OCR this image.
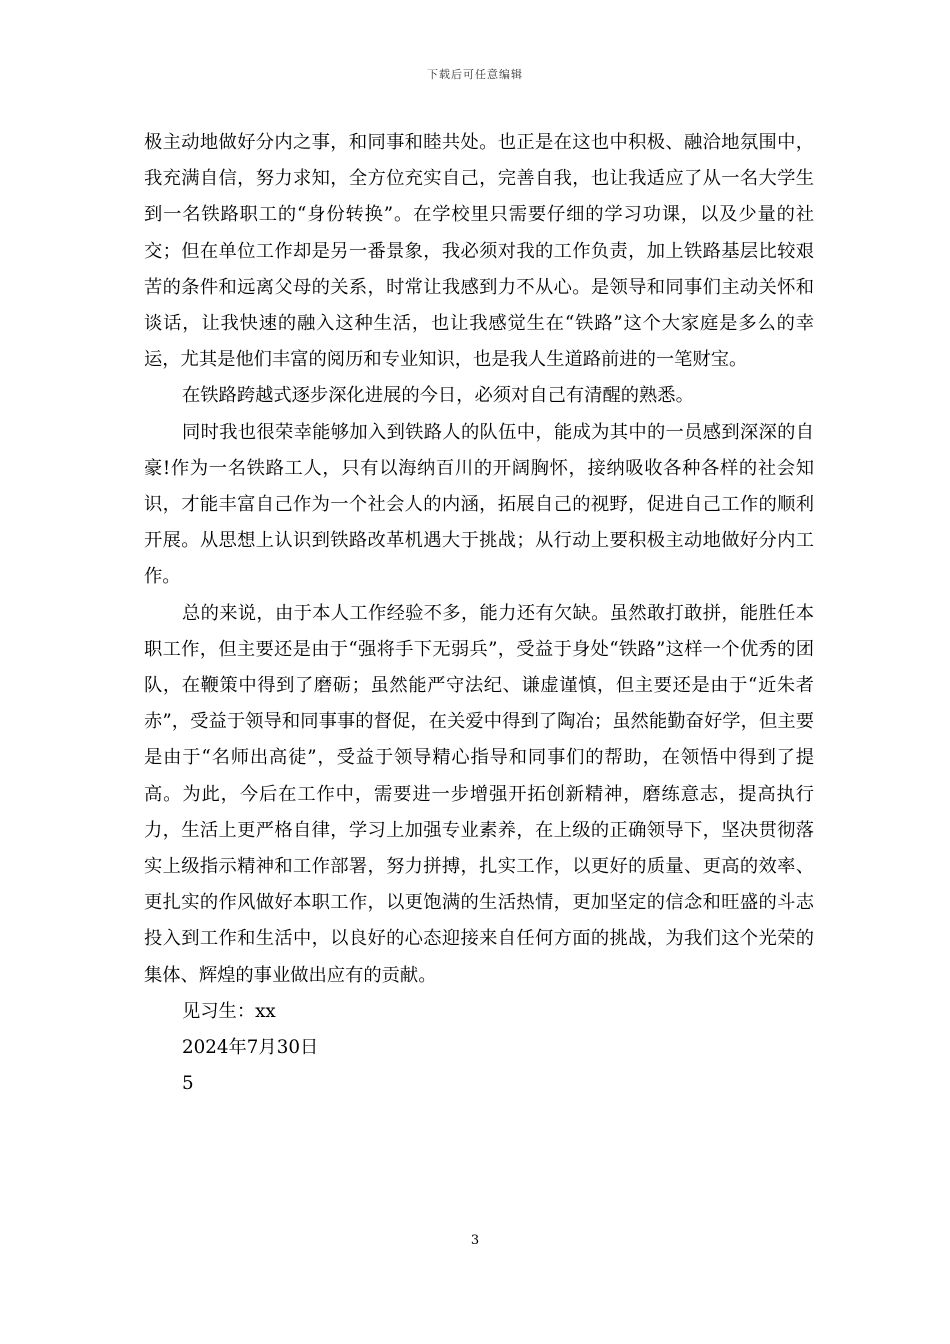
下载后可任意编辑

极主动地做好分内之事，和同事和睦共处。也正是在这也中积极、融洽地氛围中，我充满自信，努力求知，全方位充实自己，完善自我，也让我适应了从一名大学生到一名铁路职工的“身份转换”。在学校里只需要仔细的学习功课，以及少量的社交；但在单位工作却是另一番景象，我必须对我的工作负责，加上铁路基层比较艰苦的条件和远离父母的关系，时常让我感到力不从心。是领导和同事们主动关怀和谈话，让我快速的融入这种生活，也让我感觉生在“铁路”这个大家庭是多么的幸运，尤其是他们丰富的阅历和专业知识，也是我人生道路前进的一笔财宝。

在铁路跨越式逐步深化进展的今日，必须对自己有清醒的熟悉。

同时我也很荣幸能够加入到铁路人的队伍中，能成为其中的一员感到深深的自豪!作为一名铁路工人，只有以海纳百川的开阔胸怀，接纳吸收各种各样的社会知识，才能丰富自己作为一个社会人的内涵，拓展自己的视野，促进自己工作的顺利开展。从思想上认识到铁路改革机遇大于挑战；从行动上要积极主动地做好分内工作。

总的来说，由于本人工作经验不多，能力还有欠缺。虽然敢打敢拼，能胜任本职工作，但主要还是由于“强将手下无弱兵”，受益于身处“铁路”这样一个优秀的团队，在鞭策中得到了磨砺；虽然能严守法纪、谦虚谨慎，但主要还是由于“近朱者赤”，受益于领导和同事事的督促，在关爱中得到了陶冶；虽然能勤奋好学，但主要是由于“名师出高徒”，受益于领导精心指导和同事们的帮助，在领悟中得到了提高。为此，今后在工作中，需要进一步增强开拓创新精神，磨练意志，提高执行力，生活上更严格自律，学习上加强专业素养，在上级的正确领导下，坚决贯彻落实上级指示精神和工作部署，努力拼搏，扎实工作，以更好的质量、更高的效率、更扎实的作风做好本职工作，以更饱满的生活热情，更加坚定的信念和旺盛的斗志投入到工作和生活中，以良好的心态迎接来自任何方面的挑战，为我们这个光荣的集体、辉煌的事业做出应有的贡献。

见习生：xx

2024年7月30日

5

3
